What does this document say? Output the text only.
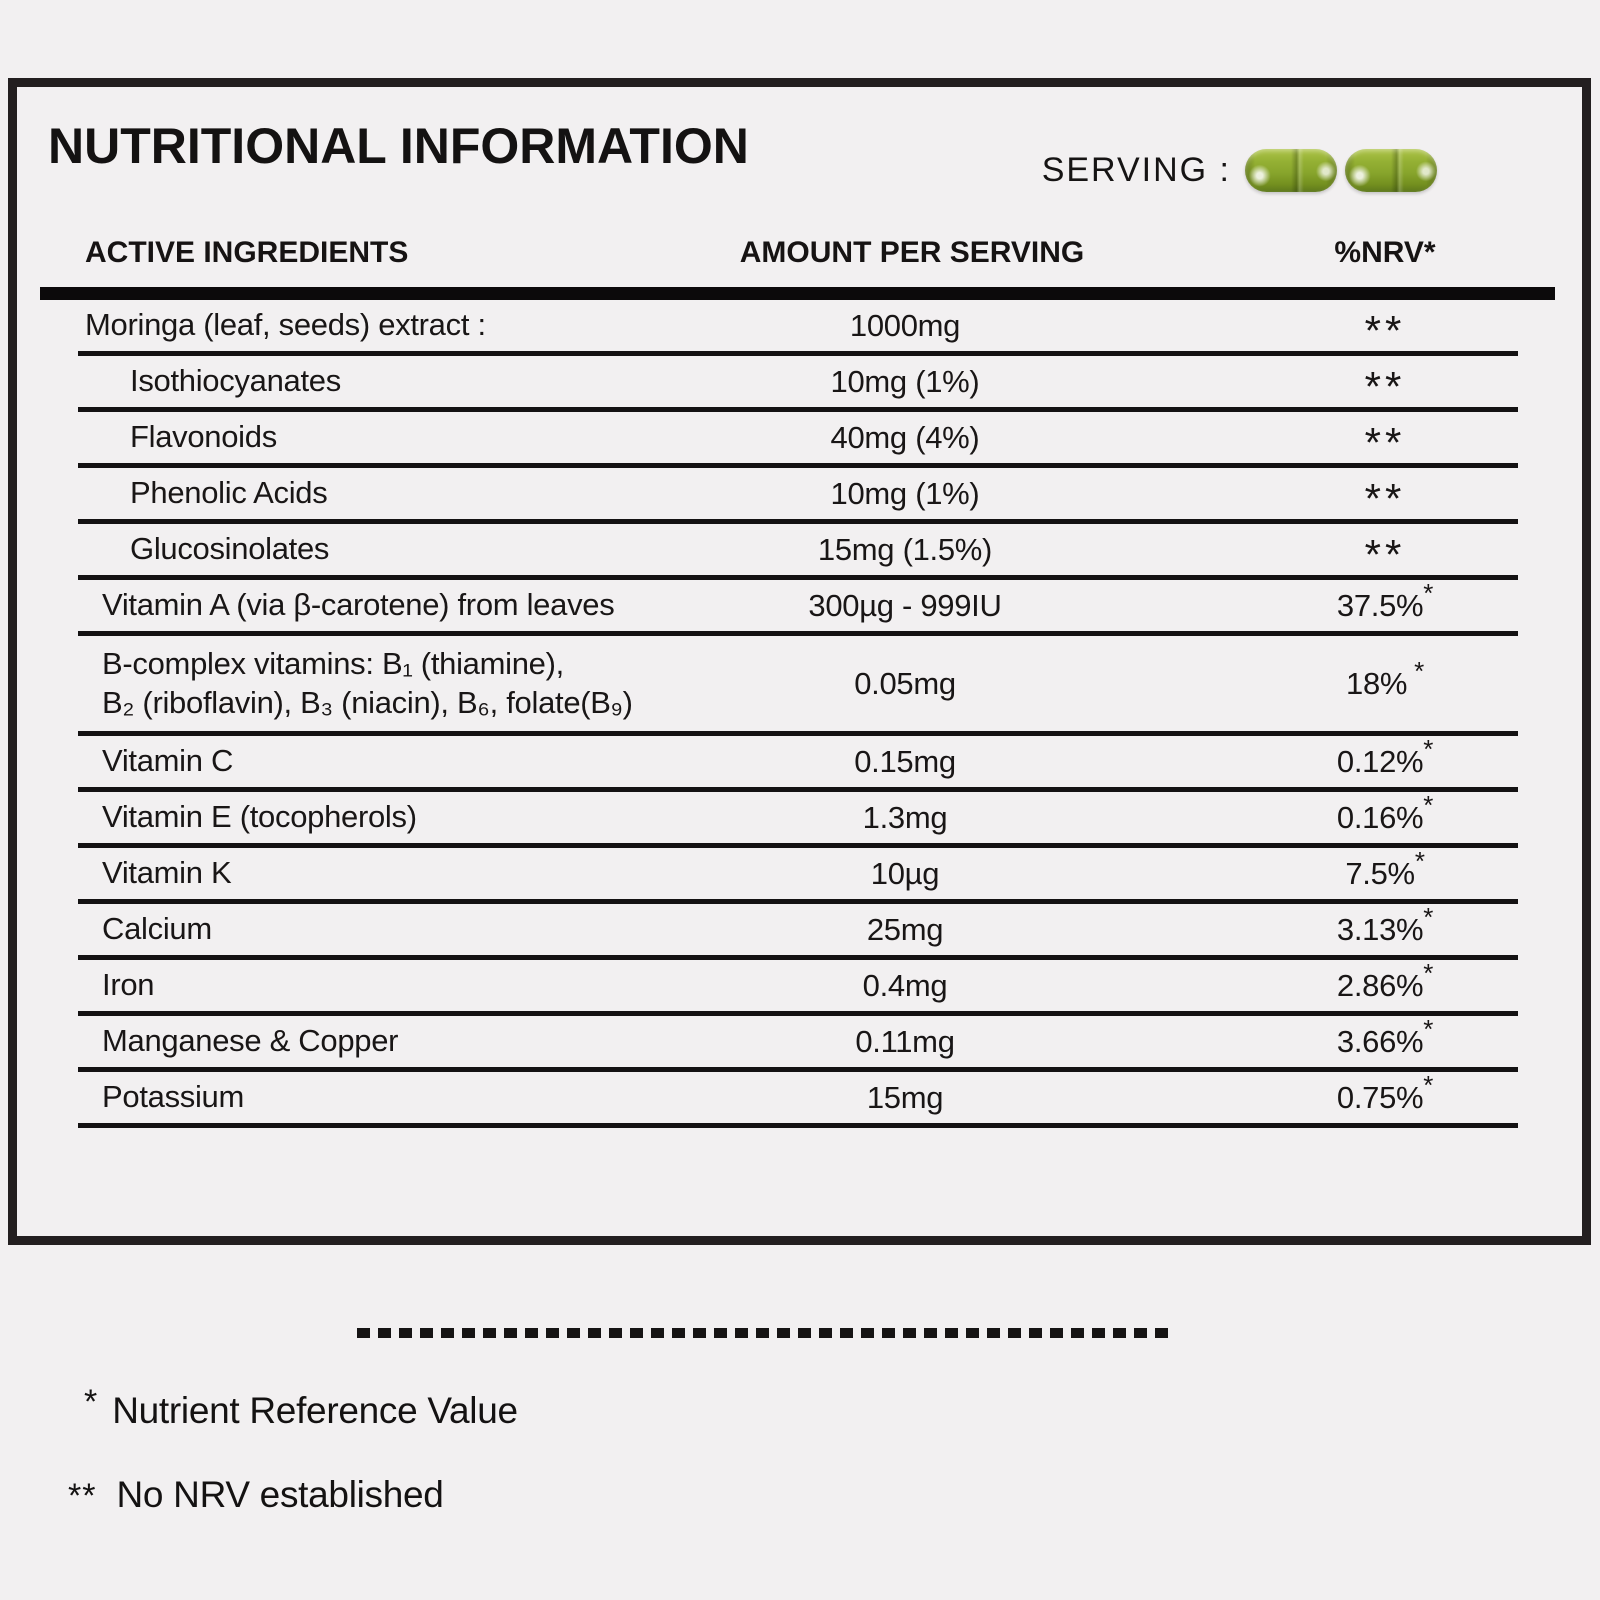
NUTRITIONAL INFORMATION	SERVING :
ACTIVE INGREDIENTS	AMOUNT PER SERVING	%NRV*
Moringa (leaf, seeds) extract :	1000mg	**
Isothiocyanates	10mg (1%)	**
Flavonoids	40mg (4%)	**
Phenolic Acids	10mg (1%)	**
Glucosinolates	15mg (1.5%)	**
Vitamin A (via β-carotene) from leaves	300µg - 999IU	37.5%*
B-complex vitamins: B₁ (thiamine),
B₂ (riboflavin), B₃ (niacin), B₆, folate(B₉)
0.05mg	18% *
Vitamin C	0.15mg	0.12%*
Vitamin E (tocopherols)	1.3mg	0.16%*
Vitamin K	10µg	7.5%*
Calcium	25mg	3.13%*
Iron	0.4mg	2.86%*
Manganese & Copper	0.11mg	3.66%*
Potassium	15mg	0.75%*
* Nutrient Reference Value
** No NRV established
